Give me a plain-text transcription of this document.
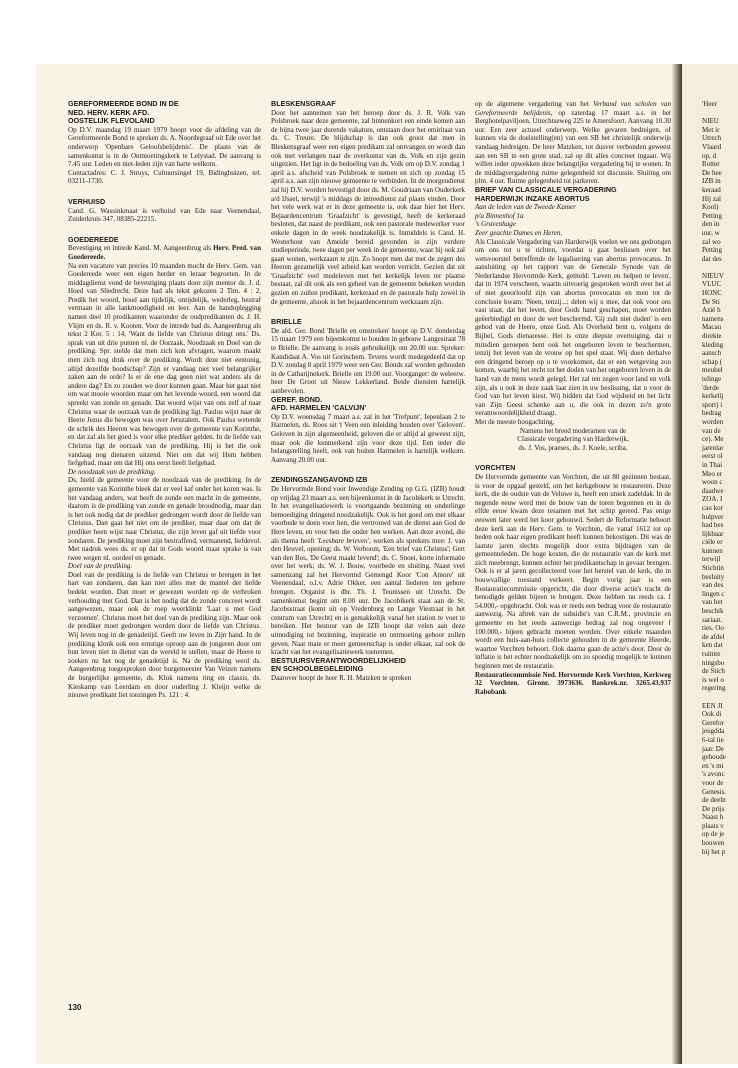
GEREFORMEERDE BOND IN DE
NED. HERV. KERK AFD.
OOSTELIJK FLEVOLAND

Op D.V. maandag 19 maart 1979 hoopt voor de afdeling van de Gereformeerde Bond te spreken ds. A. Noordegraaf uit Ede over het onderwerp 'Openbare Geloofsbelijdenis'. De plaats van de samenkomst is in de Ontmoetingskerk te Lelystad. De aanvang is 7.45 uur. Leden en niet-leden zijn van harte welkom.
Contactadres: C. J. Struys, Cultuursingel 19, Bidinghuizen, tel. 03211-1730.

VERHUISD

Cand. G. Wassinkmaat is verhuisd van Ede naar Veenendaal, Zuiderkruis 347, 08385-22215.

GOEDEREEDE

Bevestiging en intrede Kand. M. Aangeenbrug als Herv. Pred. van Goedereede.

Na een vacature van precies 10 maanden mocht de Herv. Gem. van Goedereede weer een eigen herder en leraar begroeten. In de middagdienst vond de bevestiging plaats door zijn mentor ds. J. d. Hoed van Sliedrecht. Deze had als tekst gekozen 2 Tim. 4 : 2, Predik het woord, houd aan tijdelijk, ontijdelijk, wederleg, bestraf vermaan in alle lankmoedigheid en leer. Aan de handoplegging namen deel 10 predikanten waaronder de oudpredikanten ds. J. H. Vlijm en ds. R. v. Kooten. Voor de intrede had ds. Aangeenbrug als tekst 2 Kor. 5 : 14, 'Want de liefde van Christus dringt ons.' Ds. sprak van uit drie punten nl. de Oorzaak, Noodzaak en Doel van de prediking. Spr. stelde dat men zich kon afvragen, waarom maakt men zich nog druk over de prediking. Wordt deze niet eentonig, altijd dezelfde boodschap? Zijn er vandaag niet veel belangrijker zaken aan de orde? Is er de ene dag geen niet wat anders als de andere dag? En zo zouden we door kunnen gaan. Maar het gaat niet om wat mooie woorden maar om het levende woord, een woord dat spreekt van zonde en genade. Dat woord wijst van ons zelf af naar Christus waar de oorzaak van de prediking ligt. Paulus wijst naar de Heere Jezus die bewogen was over Jeruzalem. Ook Paulus wetende de schrik des Heeren was bewogen over de gemeente van Korinthe, en dat zal als het goed is voor elke prediker gelden. In de liefde van Christus ligt de oorzaak van de prediking. Hij is het die ook vandaag nog dienaren uitzend. Niet om dat wij Hem hebben liefgehad, maar om dat Hij ons eerst heeft liefgehad.

De noodzaak van de prediking.

Ds. hield de gemeente voor de noodzaak van de prediking. In de gemeente van Korinthe bleek dat er veel kaf onder het koren was. Is het vandaag anders, wat heeft de zonde een macht in de gemeente, daarom is de prediking van zonde en genade broodnodig, maar dan is het ook nodig dat de prediker gedrongen wordt door de liefde van Christus. Dan gaat het niet om de prediker, maar daar om dat de prediker heen wijst naar Christus, die zijn leven gaf uit liefde voor zondaren. De prediking moet zijn bestraffend, vermanend, liefdevol. Met nadruk wees ds. er op dat in Gods woord maar sprake is van twee wegen nl. oordeel en genade.

Doel van de prediking.

Doel van de prediking is de liefde van Christus te brengen in het hart van zondaren, dan kan niet alles met de mantel der liefde bedekt worden. Dan moet er gewezen worden op de verbroken verhouding met God. Dan is het nodig dat de zonde concreet wordt aangewezen, maar ook de roep weerklinkt 'Laat u met God verzoenen'. Christus moet het doel van de prediking zijn. Maar ook de prediker moet gedrongen worden door de liefde van Christus. Wij leven nog in de genadetijd. Geeft uw leven in Zijn hand. In de prediking klonk ook een ernstige oproep aan de jongeren door om hun leven niet in dienst van de wereld te stellen, maar de Heere te zoeken nu het nog de genadetijd is. Na de prediking werd ds. Aangeenbrug toegesproken door burgemeester Van Velzen namens de burgerlijke gemeente, ds. Klok namens ring en classis, ds. Kieskamp van Leerdam en door ouderling J. Kleijn welke de nieuwe predikant liet toezingen Ps. 121 : 4.

BLESKENSGRAAF

Door het aannemen van het beroep door ds. J. R. Volk van Polsbroek naar deze gemeente, zal binnenkort een einde komen aan de bijna twee jaar durende vakature, ontstaan door het emiritaat van ds. C. Treure. De blijdschap is dan ook groot dat men in Bleskensgraaf weer een eigen predikant zal ontvangen en wordt dan ook met verlangen naar de overkomst van ds. Volk en zijn gezin uitgezien. Het ligt in de bedoeling van ds. Volk om op D.V. zondag 1 april a.s. afscheid van Polsbroek te nemen en zich op zondag 15 april a.s. aan zijn nieuwe gemeente te verbinden. In de morgendienst zal hij D.V. worden bevestigd door ds. M. Goudriaan van Ouderkerk a/d IJssel, terwijl 's middags de intreedienst zal plaats vinden. Door het vele werk wat er in deze gemeente is, ook daar hier het Herv. Bejaardencentrum 'Graafzicht' is gevestigd, heeft de kerkeraad besloten, dat naast de predikant, ook een pastorale medewerker voor enkele dagen in de week noodzakelijk is. Inmiddels is Cand. H. Westerhout van Ameide bereid gevonden in zijn verdere studieperiode, twee dagen per week in de gemeente, waar hij ook zal gaan wonen, werkzaam te zijn. Zo hoopt men dat met de zegen des Heeren gezamelijk veel arbeid kan worden verricht. Gezien dat uit 'Graafzicht' veel medeleven met het kerkelijk leven ter plaatse bestaat, zal dit ook als een geheel van de gemeente bekeken worden gezien en zullen predikant, kerkeraad en de pastorale hulp zowel in de gemeente, alsook in het bejaardencentrum werkzaam zijn.

BRIELLE

De afd. Ger. Bond 'Brielle en omstreken' hoopt op D.V. donderdag 15 maart 1979 een bijeenkomst te houden in gebouw Langestraat 78 te Brielle. De aanvang is zoals gebruikelijk om 20.00 uur. Spreker: Kandidaat A. Vos uit Gorinchem. Tevens wordt medegedeeld dat op D.V. zondag 8 april 1979 weer een Ger. Bonds zal worden gehouden in de Catharijnekerk. Brielle om 19.00 uur. Voorganger: de weleerw. heer De Groot uit Nieuw Lekkerland. Beide diensten hartelijk aanbevolen.

GEREF. BOND.
AFD. HARMELEN 'CALVIJN'

Op D.V. woensdag 7 maart a.s. zal in het 'Trefpunt', Iepenlaan 2 te Harmelen, ds. Roos uit 't Veen een inleiding houden over 'Geloven'. Geloven in zijn algemeenheid, geloven die er altijd al geweest zijn, maar ook die kenmerkend zijn voor deze tijd. Een ieder die belangstelling heeft, ook van buiten Harmelen is hartelijk welkom. Aanvang 20.00 uur.

ZENDINGSZANGAVOND IZB

De Hervormde Bond voor Inwendige Zending op G.G. (IZB) houdt op vrijdag 23 maart a.s. een bijeenkomst in de Jacobikerk te Utrecht. In het evangelisatiewerk is voortgaande bezinning en onderlinge bemoediging dringend noodzakelijk. Ook is het goed om met elkaar voorbede te doen voor hen, die vertrouwd van de dienst aan God de Here leven, en voor hen die onder hen werken. Aan deze avond, die als thema heeft 'Leesbare brieven', werken als sprekers mee: J. van den Heuvel, opening; ds. W. Verboom, 'Een brief van Christus'; Gert van den Bos, 'De Geest maakt levend'; ds. C. Snoei, korte informatie over het werk; ds. W. J. Bouw, voorbede en sluiting. Naast veel samenzang zal het Hervormd Gemengd Koor 'Con Amore' uit Veenendaal, o.l.v. Adrie Okker, een aantal liederen ten gehore brengen. Organist is dhr. Th. J. Teunissen uit Utrecht. De samenkomst begint om 8.00 uur. De Jacobikerk staat aan de St. Jacobsstraat (komt uit op Vredenburg en Lange Viestraat in het centrum van Utrecht) en is gemakkelijk vanaf het station te voet te bereiken. Het bestuur van de IZB hoopt dat velen aan deze uitnodiging tot bezinning, inspiratie en ontmoeting gehoor zullen geven. Naar mate er meer gemeenschap is onder elkaar, zal ook de kracht van het evangelisatiewerk toenemen.

BESTUURSVERANTWOORDELIJKHEID
EN SCHOOLBEGELEIDING

Daarover hoopt de heer R. H. Matzken te spreken

op de algemene vergadering van het Verband van scholen van Gereformeerde belijdenis, op zaterdag 17 maart a.s. in het Berghotelpaviljoen, Utrechtseweg 225 te Amersfoort. Aanvang 10.30 uur. Een zeer actueel onderwerp. Welke gevaren bedreigen, of kunnen via de doelstelling(en) van een SB het christelijk onderwijs vandaag bedreigen. De heer Matzken, tot dusver verbonden geweest aan een SB in een grote stad, zal op dit alles concreet ingaan. Wij willen ieder opwekken deze belangrijke vergadering bij te wonen. In de middagvergadering ruime gelegenheid tot discussie. Sluiting om plm. 4 uur. Ruime gelegenheid tot parkeren.

BRIEF VAN CLASSICALE VERGADERING
HARDERWIJK INZAKE ABORTUS

Aan de leden van de Tweede Kamer
p/a Binnenhof 1a
's Gravenhage

Zeer geachte Dames en Heren,

Als Classicale Vergadering van Harderwijk voelen we ons gedrongen om ons tot u te richten, voordat u gaat beslissen over het wetsvoorstel betreffende de legalisering van abortus provocatus. In aansluiting op het rapport van de Generale Synode van de Nederlandse Hervormde Kerk, getiteld: 'Leven en helpen te leven', dat in 1974 verscheen, waarin uitvoerig gesproken wordt over het al of niet geoorloofd zijn van abortus provocatus en men tot de conclusie kwam: 'Neen, tenzij...; delen wij u mee, dat ook voor ons vast staat, dat het leven, door Gods hand geschapen, moet worden geëerbiedigd en door de wet beschermd. 'Gij zult niet doden' is een gebod van de Heere, onze God. Als Overheid bent u, volgens de Bijbel, Gods dienaresse. Het is onze diepste overtuiging, dat u mitsdien geroepen bent ook het ongeboren leven te beschermen, tenzij het leven van de vrouw op het spel staat. Wij doen derhalve een dringend beroep op u te voorkomen, dat er een wetgeving zou komen, waarbij het recht tot het doden van het ongeboren leven in de hand van de mens wordt gelegd. Het zal ten zegen voor land en volk zijn, als u ook in deze zaak laat zien in uw beslissing, dat u voor de God van het leven kiest. Wij bidden dat God wijsheid en het licht van Zijn Geest schenke aan u, die ook in dezen zo'n grote verantwoordelijkheid draagt.
Met de meeste hoogachting,

Namens het breed moderamen van de
Classicale vergadering van Harderwijk,
ds. J. Vos, praeses, ds. J. Koele, scriba.

VORCHTEN

De Hervormde gemeente van Vorchten, die uit 80 gezinnen bestaat, is voor de opgaaf gesteld, om het kerkgebouw te restaureren. Deze kerk, die de oudste van de Veluwe is, heeft een uniek zadeldak. In de negende eeuw werd met de bouw van de toren begonnen en in de elfde eeuw kwam deze tesamen met het schip gereed. Pas enige eeuwen later werd het koor gebouwd. Sedert de Reformatie behoort deze kerk aan de Herv. Gem. te Vorchten, die vanaf 1612 tot op heden ook haar eigen predikant heeft kunnen bekostigen. Dit was de laatste jaren slechts mogelijk door extra bijdragen van de gemeenteleden. De hoge kosten, die de restauratie van de kerk met zich meebrengt, kunnen echter het predikantschap in gevaar brengen. Ook is er al jaren gecollecteerd voor het herstel van de kerk, die in bouwvallige toestand verkeert. Begin vorig jaar is een Restauratiecommissie opgericht, die door diverse actie's tracht de benodigde gelden bijeen te brengen. Deze hebben nu reeds ca. f 54.000,- opgebracht. Ook was er reeds een bedrag voor de restauratie aanwezig. Na aftrek van de subsidie's van C.R.M., provincie en gemeente en het reeds aanwezige bedrag zal nog ongeveer f 100.000,- bijeen gebracht moeten worden. Over enkele maanden wordt een huis-aan-huis collecte gehouden in de gemeente Heerde, waartoe Vorchten behoort. Ook daarna gaan de actie's door. Door de inflatie is het echter noodzakelijk om zo spoedig mogelijk te kunnen beginnen met de restauratie.

Restauratiecommissie Ned. Hervormde Kerk Vorchten, Kerkweg 32 Vorchten. Gironr. 3973636. Bankrek.nr. 3265.43.937 Rabobank

'Heer

NIEU
Met ir
Utrech
Vlaard
op, d
Rotter
De hee
IZB in
keraad
Hij zal
Kool)
Petting
den in
uur, w
zal wo
Petting
dat des

NIEUV
VLUC
HONC
De Sti
Azië h
namens
Macau
direkte
kleding
aansch
schap (
meubel
telinge
'derde
kerkelij
sport) i
bedrag
worden
van de
ce). Me
jarenlar
eerst ol
in Thai
Meo er
woon c
daadwe
ZOA. I
cau kor
hulpver
had bes
lijkbaar
ciële er
kunnen
terwijl
Stichtin
besluity
van des
lingen c
van het
beschik
sariaat.
ties. Oo
de afdel
ken dat
ruimte
ningsbo
de Stich
is wel o
regering

EEN JI
Ook di
Gerefor
jeugdda
6-tal tie
jaar. De
gehoude
en 's mi
's avonc
voor de
Genesis.
de deeln
De prijs
Naast h
plaats v
op de je
bouwen
bij het p

130
